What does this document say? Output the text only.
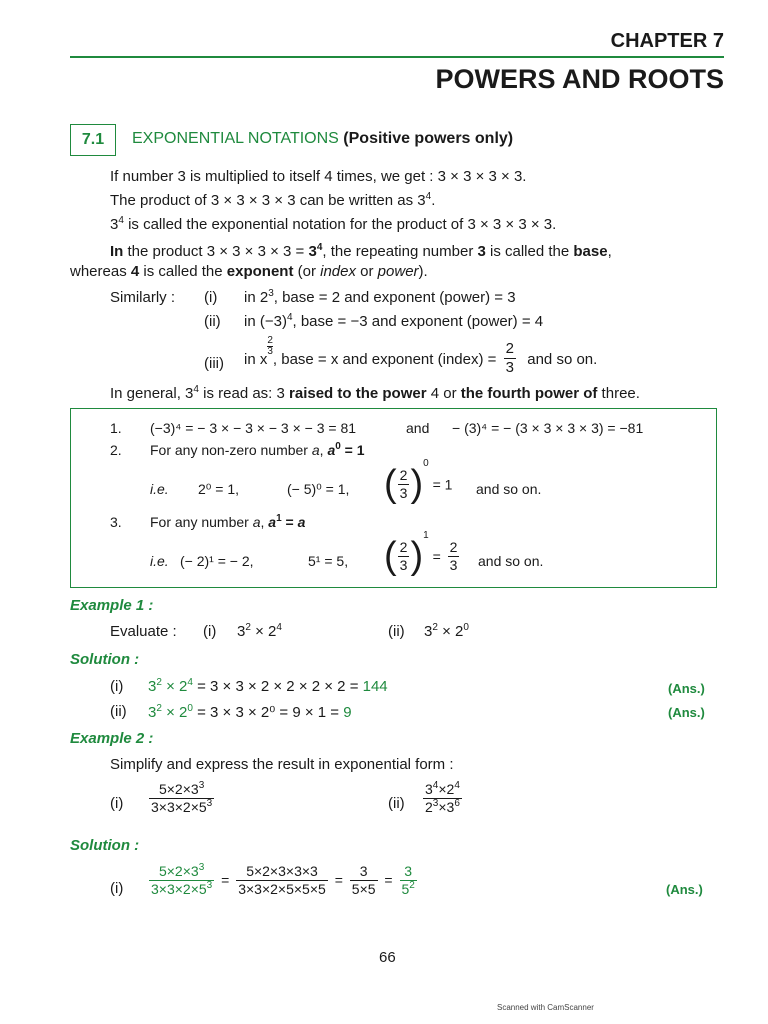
CHAPTER 7
POWERS AND ROOTS
7.1 EXPONENTIAL NOTATIONS (Positive powers only)
If number 3 is multiplied to itself 4 times, we get : 3 × 3 × 3 × 3.
The product of 3 × 3 × 3 × 3 can be written as $3^4$.
$3^4$ is called the exponential notation for the product of 3 × 3 × 3 × 3.
In the product $3 \times 3 \times 3 \times 3 = 3^4$, the repeating number 3 is called the base,
whereas 4 is called the exponent (or index or power).
Similarly : (i) in $2^3$, base = 2 and exponent (power) = 3
(ii) in $(-3)^4$, base = −3 and exponent (power) = 4
(iii) in x
$\frac{2}{3}$
, base = x and exponent (index) = $\frac{2}{3}$ and so on.
In general, $3^4$ is read as: 3 raised to the power 4 or the fourth power of three.
1. (−3)⁴ = − 3 × − 3 × − 3 × − 3 = 81	and − (3)⁴ = − (3 × 3 × 3 × 3) = −81
2. For any non-zero number a, $a^0 = 1$
i.e. 2⁰ = 1,	(− 5)⁰ = 1, ( $\frac{2}{3}$ ) $^0$ = 1 and so on.
3. For any number a, $a^1 = a$
i.e. (− 2)¹ = − 2,	5¹ = 5, ( $\frac{2}{3}$ ) $^1 = \frac{2}{3}$ and so on.
Example 1 :
Evaluate : (i) $3^2 \times 2^4$	(ii) $3^2 \times 2^0$
Solution :
(i) $3^2 \times 2^4 = 3 \times 3 \times 2 \times 2 \times 2 \times 2 = 144$	(Ans.)
(ii) $3^2 \times 2^0 = 3 \times 3 \times 2^0 = 9 \times 1 = 9$	(Ans.)
Example 2 :
Simplify and express the result in exponential form :
$(i) \frac{5\times 2\times 3^3}{3\times 3\times 2\times 5^3}$	$(ii) \frac{3^4\times 2^4}{2^3\times 3^6}$
Solution :
$(i) \frac{5\times 2\times 3^3}{3\times 3\times 2\times 5^3} = \frac{5\times 2\times 3\times 3\times 3}{3\times 3\times 2\times 5\times 5\times 5} = \frac{3}{5\times 5} = \frac{3}{5^2}$	(Ans.)
66
Scanned with CamScanner
